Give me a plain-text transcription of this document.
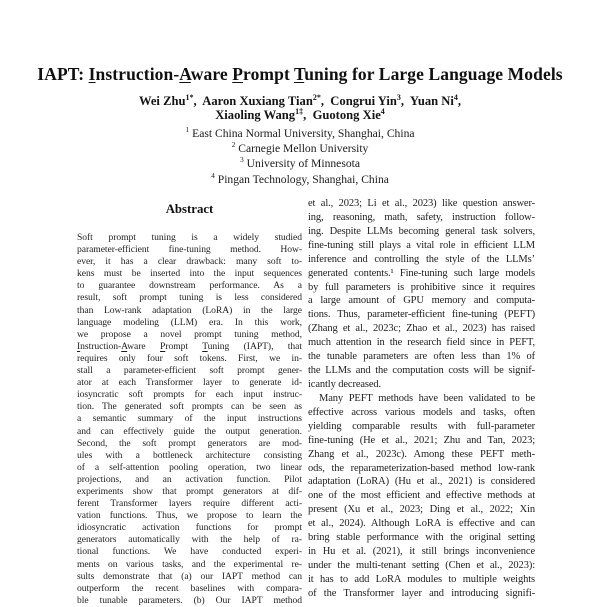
IAPT: Instruction-Aware Prompt Tuning for Large Language Models
Wei Zhu$^{1*}$,  Aaron Xuxiang Tian$^{2*}$,  Congrui Yin$^3$,  Yuan Ni$^4$,
Xiaoling Wang$^{1\ddagger}$,  Guotong Xie$^4$
$^1$ East China Normal University, Shanghai, China
$^2$ Carnegie Mellon University
$^3$ University of Minnesota
$^4$ Pingan Technology, Shanghai, China
Abstract
Soft prompt tuning is a widely studied
parameter-efficient fine-tuning method. How-
ever, it has a clear drawback: many soft to-
kens must be inserted into the input sequences
to guarantee downstream performance. As a
result, soft prompt tuning is less considered
than Low-rank adaptation (LoRA) in the large
language modeling (LLM) era. In this work,
we propose a novel prompt tuning method,
Instruction-Aware Prompt Tuning (IAPT), that
requires only four soft tokens. First, we in-
stall a parameter-efficient soft prompt gener-
ator at each Transformer layer to generate id-
iosyncratic soft prompts for each input instruc-
tion. The generated soft prompts can be seen as
a semantic summary of the input instructions
and can effectively guide the output generation.
Second, the soft prompt generators are mod-
ules with a bottleneck architecture consisting
of a self-attention pooling operation, two linear
projections, and an activation function. Pilot
experiments show that prompt generators at dif-
ferent Transformer layers require different acti-
vation functions. Thus, we propose to learn the
idiosyncratic activation functions for prompt
generators automatically with the help of ra-
tional functions. We have conducted experi-
ments on various tasks, and the experimental re-
sults demonstrate that (a) our IAPT method can
outperform the recent baselines with compara-
ble tunable parameters. (b) Our IAPT method
et al., 2023; Li et al., 2023) like question answer-
ing, reasoning, math, safety, instruction follow-
ing. Despite LLMs becoming general task solvers,
fine-tuning still plays a vital role in efficient LLM
inference and controlling the style of the LLMs’
generated contents.¹ Fine-tuning such large models
by full parameters is prohibitive since it requires
a large amount of GPU memory and computa-
tions. Thus, parameter-efficient fine-tuning (PEFT)
(Zhang et al., 2023c; Zhao et al., 2023) has raised
much attention in the research field since in PEFT,
the tunable parameters are often less than 1% of
the LLMs and the computation costs will be signif-
icantly decreased.
Many PEFT methods have been validated to be
effective across various models and tasks, often
yielding comparable results with full-parameter
fine-tuning (He et al., 2021; Zhu and Tan, 2023;
Zhang et al., 2023c). Among these PEFT meth-
ods, the reparameterization-based method low-rank
adaptation (LoRA) (Hu et al., 2021) is considered
one of the most efficient and effective methods at
present (Xu et al., 2023; Ding et al., 2022; Xin
et al., 2024). Although LoRA is effective and can
bring stable performance with the original setting
in Hu et al. (2021), it still brings inconvenience
under the multi-tenant setting (Chen et al., 2023):
it has to add LoRA modules to multiple weights
of the Transformer layer and introducing signifi-
